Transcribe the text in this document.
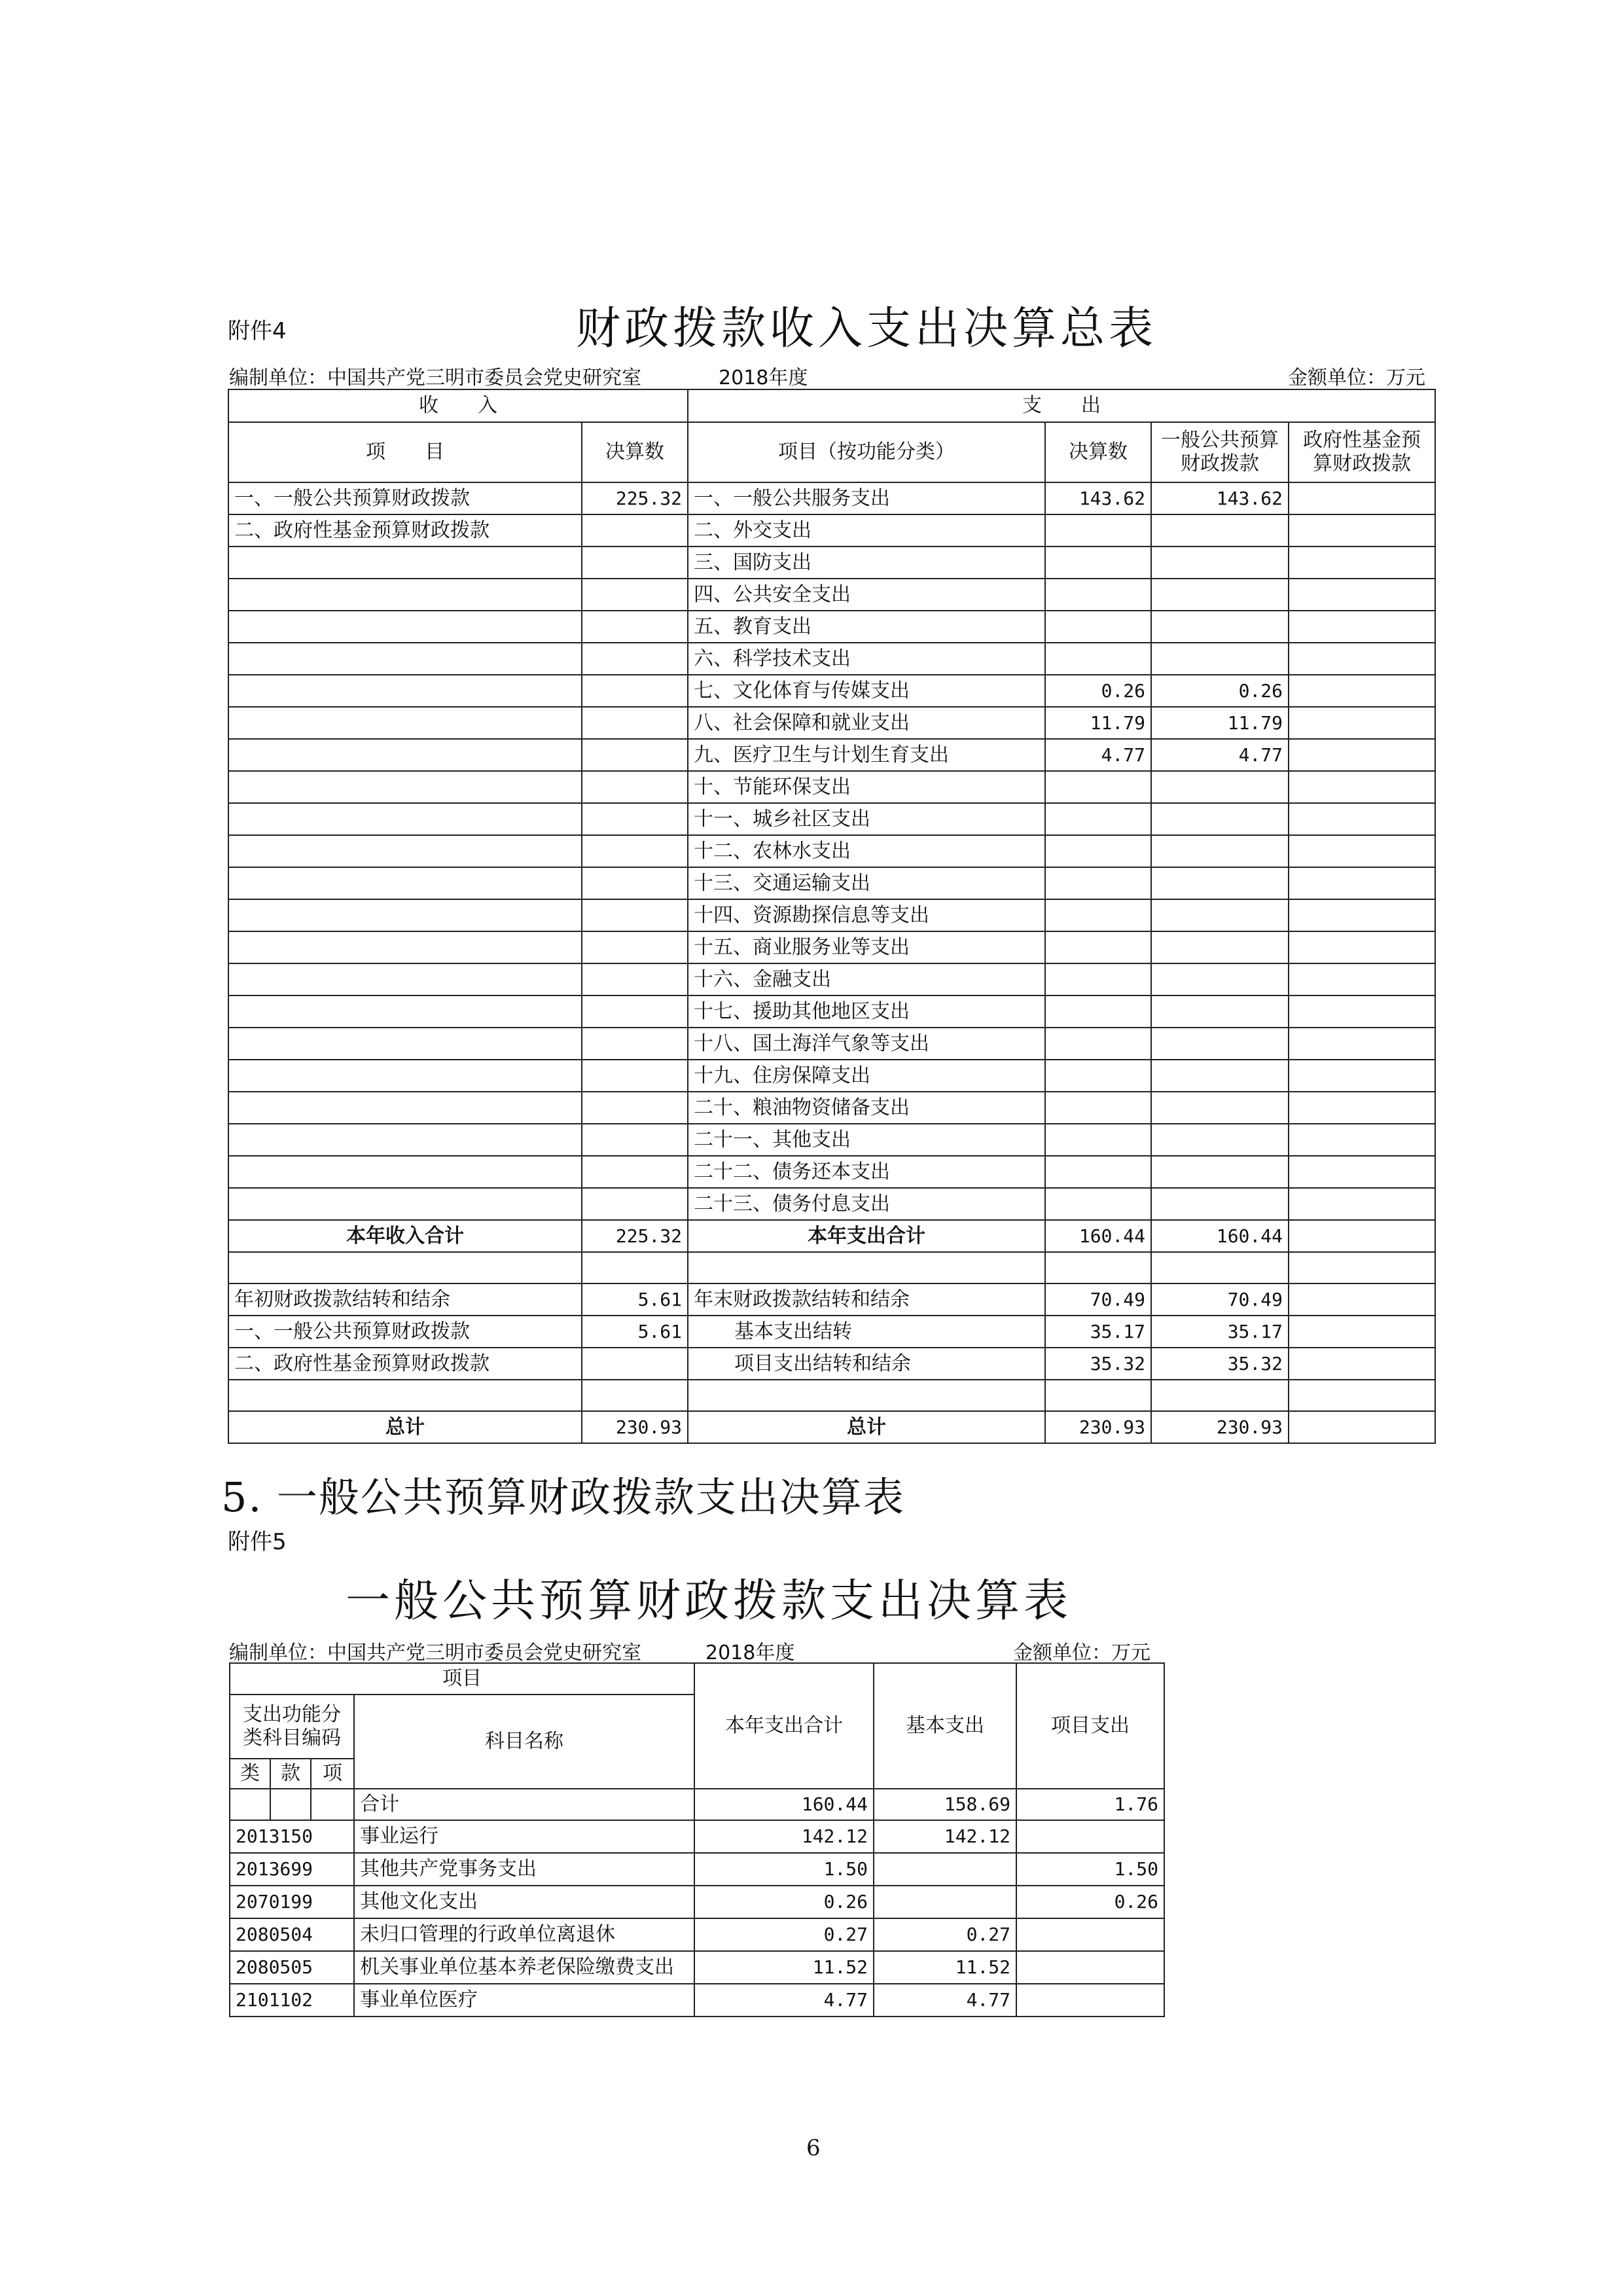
附件4	财政拨款收入支出决算总表
编制单位：中国共产党三明市委员会党史研究室	2018年度	金额单位：万元
收　　入		支　　出			
项　　目	决算数	项目（按功能分类）	决算数	一般公共预算财政拨款	政府性基金预算财政拨款
一、一般公共预算财政拨款	225.32	一、一般公共服务支出	143.62	143.62	
二、政府性基金预算财政拨款		二、外交支出			
		三、国防支出			
		四、公共安全支出			
		五、教育支出			
		六、科学技术支出			
		七、文化体育与传媒支出	0.26	0.26	
		八、社会保障和就业支出	11.79	11.79	
		九、医疗卫生与计划生育支出	4.77	4.77	
		十、节能环保支出			
		十一、城乡社区支出			
		十二、农林水支出			
		十三、交通运输支出			
		十四、资源勘探信息等支出			
		十五、商业服务业等支出			
		十六、金融支出			
		十七、援助其他地区支出			
		十八、国土海洋气象等支出			
		十九、住房保障支出			
		二十、粮油物资储备支出			
		二十一、其他支出			
		二十二、债务还本支出			
		二十三、债务付息支出			
本年收入合计	225.32	本年支出合计	160.44	160.44	

年初财政拨款结转和结余	5.61	年末财政拨款结转和结余	70.49	70.49	
一、一般公共预算财政拨款	5.61	基本支出结转	35.17	35.17	
二、政府性基金预算财政拨款		项目支出结转和结余	35.32	35.32	

总计	230.93	总计	230.93	230.93	
5. 一般公共预算财政拨款支出决算表
附件5
一般公共预算财政拨款支出决算表
编制单位：中国共产党三明市委员会党史研究室	2018年度	金额单位：万元
项目				本年支出合计	基本支出	项目支出
支出功能分类科目编码			科目名称			
类	款	项				
			合计	160.44	158.69	1.76
2013150			事业运行	142.12	142.12	
2013699			其他共产党事务支出	1.50		1.50
2070199			其他文化支出	0.26		0.26
2080504			未归口管理的行政单位离退休	0.27	0.27	
2080505			机关事业单位基本养老保险缴费支出	11.52	11.52	
2101102			事业单位医疗	4.77	4.77	
6
